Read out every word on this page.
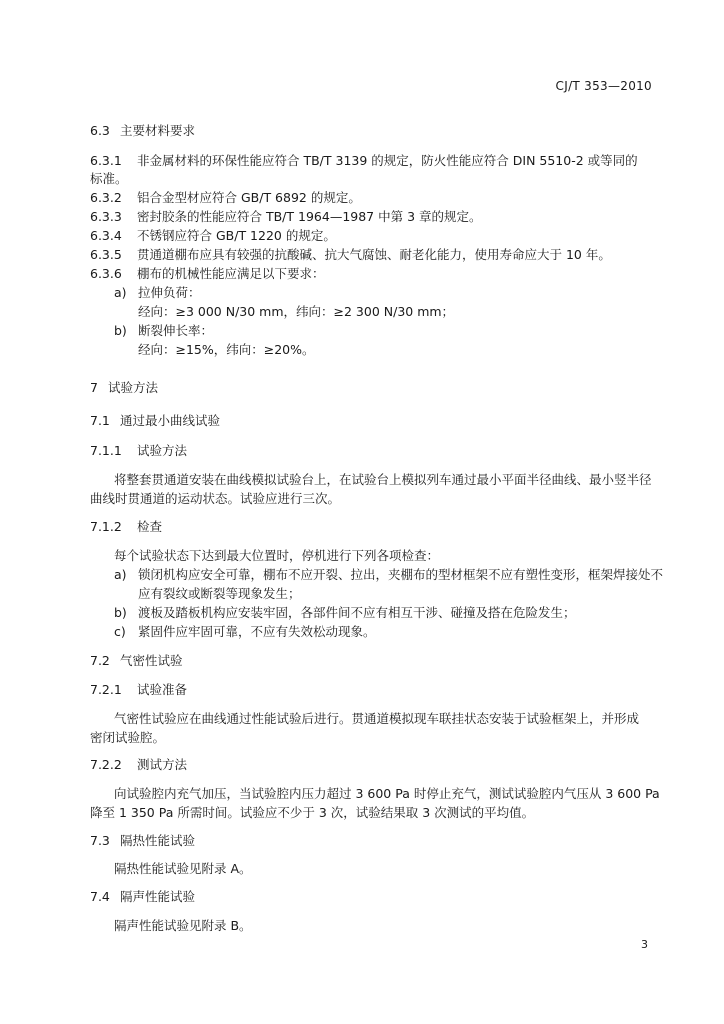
CJ/T 353—2010
6.3 主要材料要求
6.3.1 非金属材料的环保性能应符合 TB/T 3139 的规定，防火性能应符合 DIN 5510-2 或等同的
标准。
6.3.2 铝合金型材应符合 GB/T 6892 的规定。
6.3.3 密封胶条的性能应符合 TB/T 1964—1987 中第 3 章的规定。
6.3.4 不锈钢应符合 GB/T 1220 的规定。
6.3.5 贯通道棚布应具有较强的抗酸碱、抗大气腐蚀、耐老化能力，使用寿命应大于 10 年。
6.3.6 棚布的机械性能应满足以下要求：
a) 拉伸负荷：
经向：≥3 000 N/30 mm，纬向：≥2 300 N/30 mm；
b) 断裂伸长率：
经向：≥15%，纬向：≥20%。
7 试验方法
7.1 通过最小曲线试验
7.1.1 试验方法
将整套贯通道安装在曲线模拟试验台上，在试验台上模拟列车通过最小平面半径曲线、最小竖半径
曲线时贯通道的运动状态。试验应进行三次。
7.1.2 检查
每个试验状态下达到最大位置时，停机进行下列各项检查：
a) 锁闭机构应安全可靠，棚布不应开裂、拉出，夹棚布的型材框架不应有塑性变形，框架焊接处不
应有裂纹或断裂等现象发生；
b) 渡板及踏板机构应安装牢固，各部件间不应有相互干涉、碰撞及搭在危险发生；
c) 紧固件应牢固可靠，不应有失效松动现象。
7.2 气密性试验
7.2.1 试验准备
气密性试验应在曲线通过性能试验后进行。贯通道模拟现车联挂状态安装于试验框架上，并形成
密闭试验腔。
7.2.2 测试方法
向试验腔内充气加压，当试验腔内压力超过 3 600 Pa 时停止充气，测试试验腔内气压从 3 600 Pa
降至 1 350 Pa 所需时间。试验应不少于 3 次，试验结果取 3 次测试的平均值。
7.3 隔热性能试验
隔热性能试验见附录 A。
7.4 隔声性能试验
隔声性能试验见附录 B。
3
